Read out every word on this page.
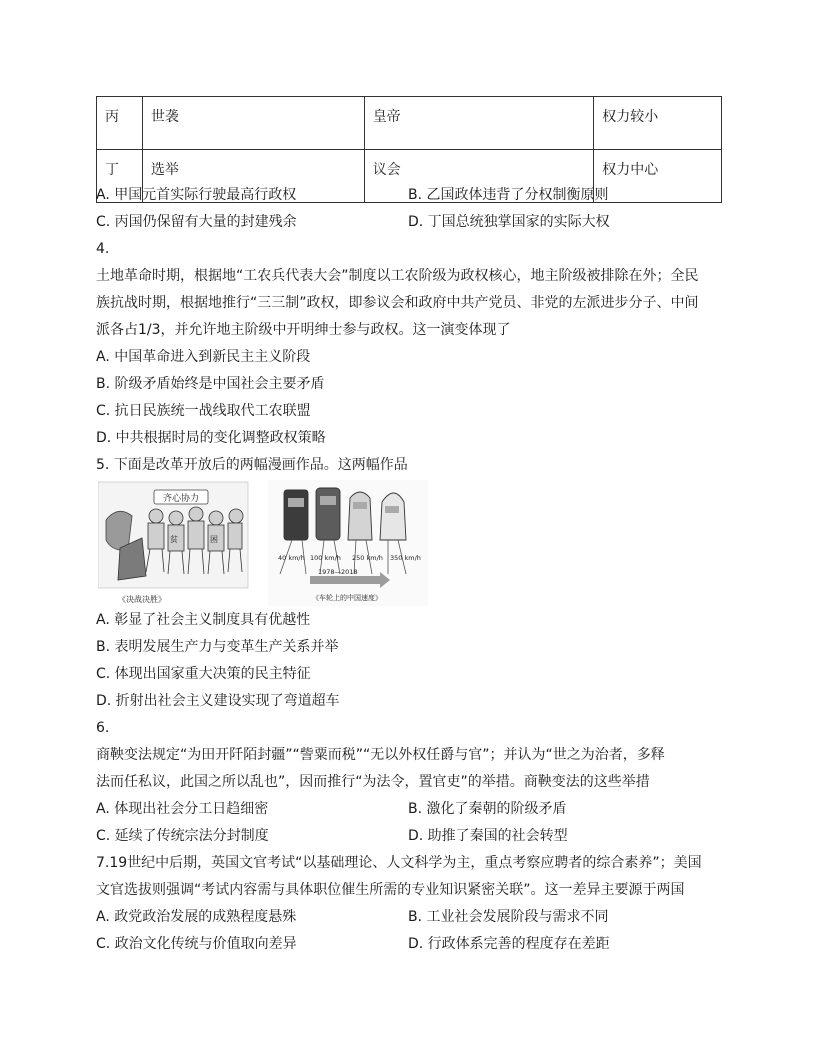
丙	世袭	皇帝	权力较小
丁	选举	议会	权力中心
A. 甲国元首实际行驶最高行政权	B. 乙国政体违背了分权制衡原则
C. 丙国仍保留有大量的封建残余	D. 丁国总统独掌国家的实际大权
4.
土地革命时期，根据地“工农兵代表大会”制度以工农阶级为政权核心，地主阶级被排除在外；全民
族抗战时期，根据地推行“三三制”政权，即参议会和政府中共产党员、非党的左派进步分子、中间
派各占1/3，并允许地主阶级中开明绅士参与政权。这一演变体现了
A. 中国革命进入到新民主主义阶段
B. 阶级矛盾始终是中国社会主要矛盾
C. 抗日民族统一战线取代工农联盟
D. 中共根据时局的变化调整政权策略
5. 下面是改革开放后的两幅漫画作品。这两幅作品
齐心协力
贫	困
《决战决胜》
40 km/h 100 km/h 250 km/h 350 km/h
1978—2018
《车轮上的中国速度》
A. 彰显了社会主义制度具有优越性
B. 表明发展生产力与变革生产关系并举
C. 体现出国家重大决策的民主特征
D. 折射出社会主义建设实现了弯道超车
6.
商鞅变法规定“为田开阡陌封疆”“訾粟而税”“无以外权任爵与官”；并认为“世之为治者，多释
法而任私议，此国之所以乱也”，因而推行“为法令，置官吏”的举措。商鞅变法的这些举措
A. 体现出社会分工日趋细密	B. 激化了秦朝的阶级矛盾
C. 延续了传统宗法分封制度	D. 助推了秦国的社会转型
7.19世纪中后期，英国文官考试“以基础理论、人文科学为主，重点考察应聘者的综合素养”；美国
文官选拔则强调“考试内容需与具体职位催生所需的专业知识紧密关联”。这一差异主要源于两国
A. 政党政治发展的成熟程度悬殊	B. 工业社会发展阶段与需求不同
C. 政治文化传统与价值取向差异	D. 行政体系完善的程度存在差距
